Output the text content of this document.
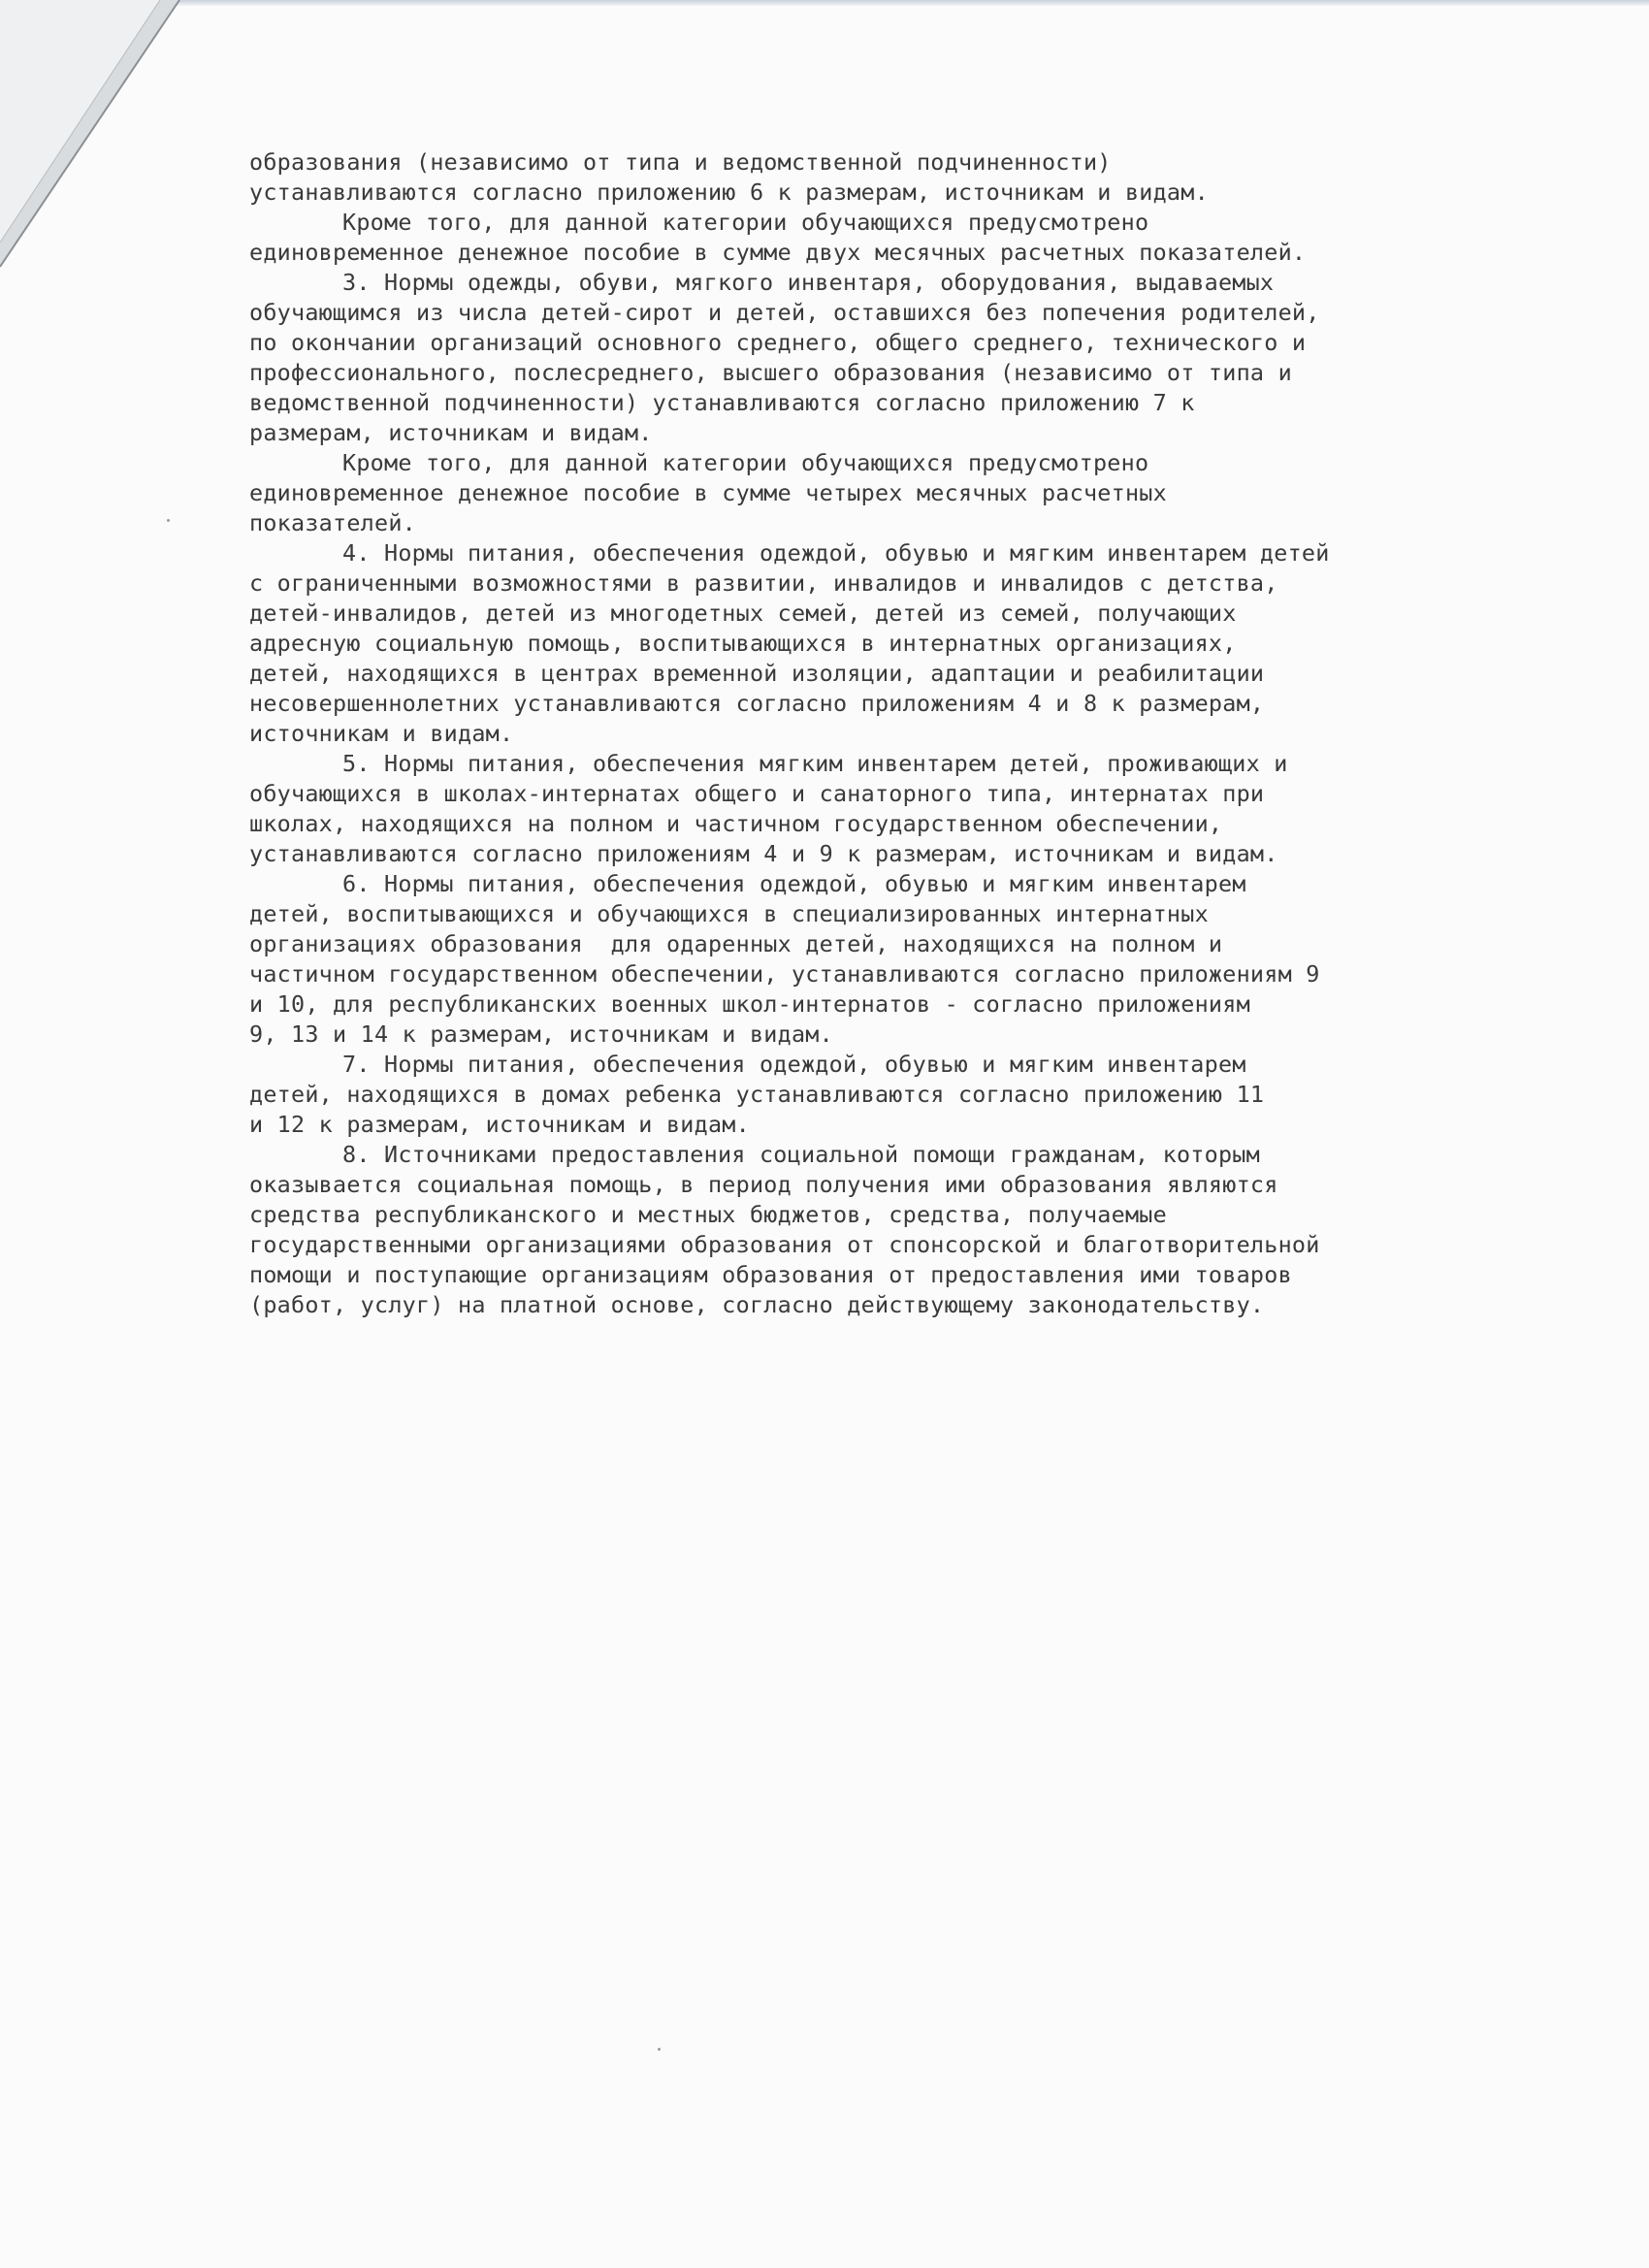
образования (независимо от типа и ведомственной подчиненности)
устанавливаются согласно приложению 6 к размерам, источникам и видам.
Кроме того, для данной категории обучающихся предусмотрено
единовременное денежное пособие в сумме двух месячных расчетных показателей.
3. Нормы одежды, обуви, мягкого инвентаря, оборудования, выдаваемых
обучающимся из числа детей-сирот и детей, оставшихся без попечения родителей,
по окончании организаций основного среднего, общего среднего, технического и
профессионального, послесреднего, высшего образования (независимо от типа и
ведомственной подчиненности) устанавливаются согласно приложению 7 к
размерам, источникам и видам.
Кроме того, для данной категории обучающихся предусмотрено
единовременное денежное пособие в сумме четырех месячных расчетных
показателей.
4. Нормы питания, обеспечения одеждой, обувью и мягким инвентарем детей
с ограниченными возможностями в развитии, инвалидов и инвалидов с детства,
детей-инвалидов, детей из многодетных семей, детей из семей, получающих
адресную социальную помощь, воспитывающихся в интернатных организациях,
детей, находящихся в центрах временной изоляции, адаптации и реабилитации
несовершеннолетних устанавливаются согласно приложениям 4 и 8 к размерам,
источникам и видам.
5. Нормы питания, обеспечения мягким инвентарем детей, проживающих и
обучающихся в школах-интернатах общего и санаторного типа, интернатах при
школах, находящихся на полном и частичном государственном обеспечении,
устанавливаются согласно приложениям 4 и 9 к размерам, источникам и видам.
6. Нормы питания, обеспечения одеждой, обувью и мягким инвентарем
детей, воспитывающихся и обучающихся в специализированных интернатных
организациях образования  для одаренных детей, находящихся на полном и
частичном государственном обеспечении, устанавливаются согласно приложениям 9
и 10, для республиканских военных школ-интернатов - согласно приложениям
9, 13 и 14 к размерам, источникам и видам.
7. Нормы питания, обеспечения одеждой, обувью и мягким инвентарем
детей, находящихся в домах ребенка устанавливаются согласно приложению 11
и 12 к размерам, источникам и видам.
8. Источниками предоставления социальной помощи гражданам, которым
оказывается социальная помощь, в период получения ими образования являются
средства республиканского и местных бюджетов, средства, получаемые
государственными организациями образования от спонсорской и благотворительной
помощи и поступающие организациям образования от предоставления ими товаров
(работ, услуг) на платной основе, согласно действующему законодательству.
